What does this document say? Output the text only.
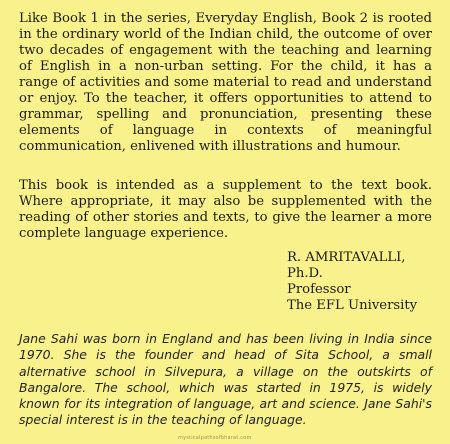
Like Book 1 in the series, Everyday English, Book 2 is rooted in the ordinary world of the Indian child, the outcome of over two decades of engagement with the teaching and learning of English in a non-urban setting. For the child, it has a range of activities and some material to read and understand or enjoy. To the teacher, it offers opportunities to attend to grammar, spelling and pronunciation, presenting these elements of language in contexts of meaningful communication, enlivened with illustrations and humour.

This book is intended as a supplement to the text book. Where appropriate, it may also be supplemented with the reading of other stories and texts, to give the learner a more complete language experience.

R. AMRITAVALLI,
Ph.D.
Professor
The EFL University

Jane Sahi was born in England and has been living in India since 1970. She is the founder and head of Sita School, a small alternative school in Silvepura, a village on the outskirts of Bangalore. The school, which was started in 1975, is widely known for its integration of language, art and science. Jane Sahi's special interest is in the teaching of language.

mysticalpathsofbharat.com
